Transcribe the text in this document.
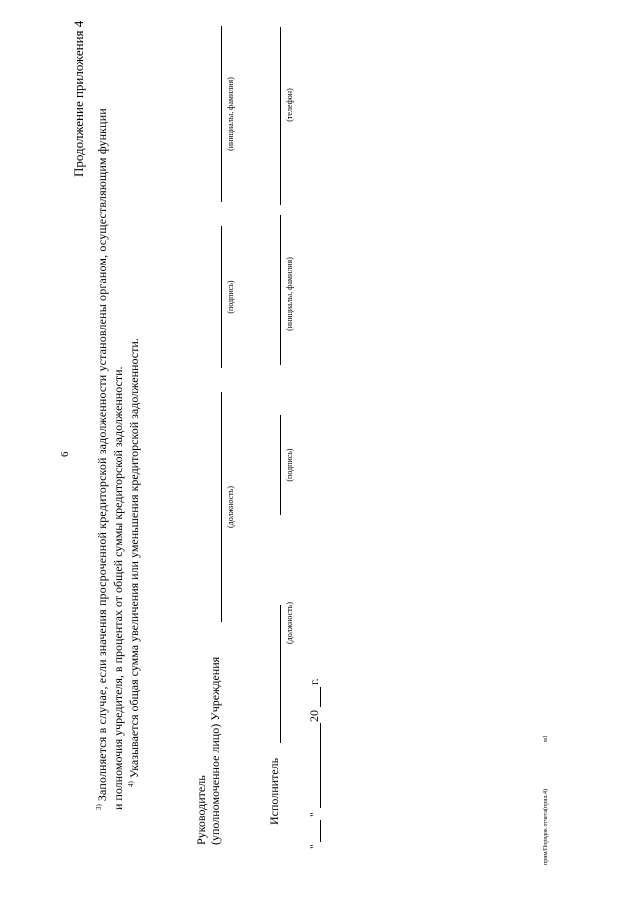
6
Продолжение приложения 4
$^{3)}$ Заполняется в случае, если значения просроченной кредиторской задолженности установлены органом, осуществляющим функции и полномочия учредителя, в процентах от общей суммы кредиторской задолженности. $^{4)}$ Указывается общая сумма увеличения или уменьшения кредиторской задолженности.
Руководитель (уполномоченное лицо) Учреждения
(должность)
(подпись)
(инициалы, фамилия)
Исполнитель
(должность)
(подпись)
(инициалы, фамилия)
(телефон)
"
"
20
г.
прим/Порядок отчета(прил.4)
м1
